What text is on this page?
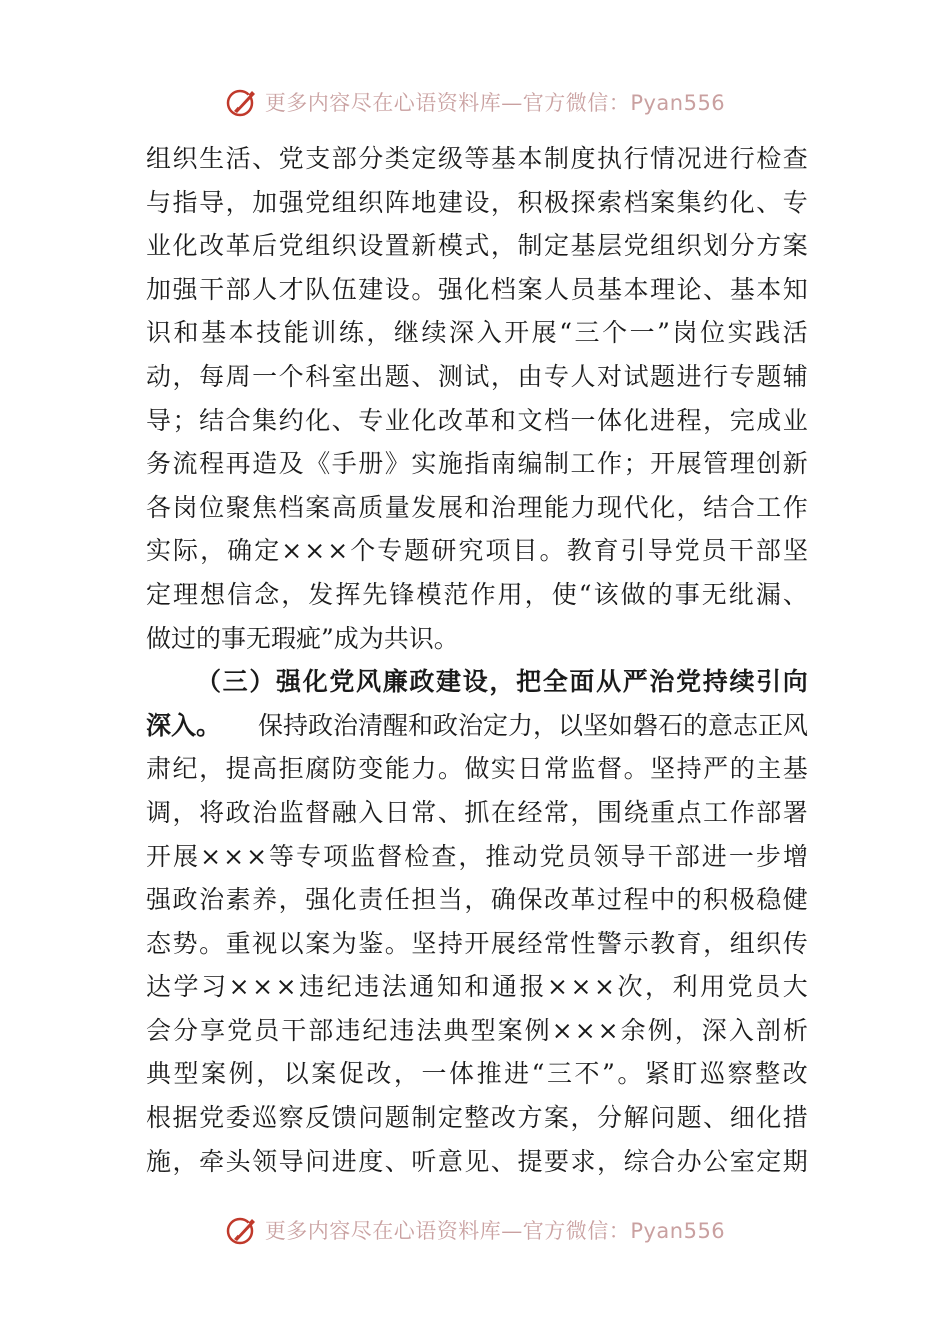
更多内容尽在心语资料库—官方微信：Pyan556
组 织 生 活 、 党 支 部 分 类 定 级 等 基 本 制 度 执 行 情 况 进 行 检 查
与 指 导 ， 加 强 党 组 织 阵 地 建 设 ， 积 极 探 索 档 案 集 约 化 、 专
业 化 改 革 后 党 组 织 设 置 新 模 式 ， 制 定 基 层 党 组 织 划 分 方 案
加 强 干 部 人 才 队 伍 建 设 。 强 化 档 案 人 员 基 本 理 论 、 基 本 知
识 和 基 本 技 能 训 练 ， 继 续 深 入 开 展 “ 三 个 一 ” 岗 位 实 践 活
动 ， 每 周 一 个 科 室 出 题 、 测 试 ， 由 专 人 对 试 题 进 行 专 题 辅
导 ； 结 合 集 约 化 、 专 业 化 改 革 和 文 档 一 体 化 进 程 ， 完 成 业
务 流 程 再 造 及 《 手 册 》 实 施 指 南 编 制 工 作 ； 开 展 管 理 创 新
各 岗 位 聚 焦 档 案 高 质 量 发 展 和 治 理 能 力 现 代 化 ， 结 合 工 作
实 际 ， 确 定 × × × 个 专 题 研 究 项 目 。 教 育 引 导 党 员 干 部 坚
定 理 想 信 念 ， 发 挥 先 锋 模 范 作 用 ， 使 “ 该 做 的 事 无 纰 漏 、
做过的事无瑕疵”成为共识。
（ 三 ） 强 化 党 风 廉 政 建 设 ， 把 全 面 从 严 治 党 持 续 引 向
深入。 保持政治清醒和政治定力，以坚如磐石的意志正风
肃 纪 ， 提 高 拒 腐 防 变 能 力 。 做 实 日 常 监 督 。 坚 持 严 的 主 基
调 ， 将 政 治 监 督 融 入 日 常 、 抓 在 经 常 ， 围 绕 重 点 工 作 部 署
开 展 × × × 等 专 项 监 督 检 查 ， 推 动 党 员 领 导 干 部 进 一 步 增
强 政 治 素 养 ， 强 化 责 任 担 当 ， 确 保 改 革 过 程 中 的 积 极 稳 健
态 势 。 重 视 以 案 为 鉴 。 坚 持 开 展 经 常 性 警 示 教 育 ， 组 织 传
达 学 习 × × × 违 纪 违 法 通 知 和 通 报 × × × 次 ， 利 用 党 员 大
会 分 享 党 员 干 部 违 纪 违 法 典 型 案 例 × × × 余 例 ， 深 入 剖 析
典 型 案 例 ， 以 案 促 改 ， 一 体 推 进 “ 三 不 ” 。 紧 盯 巡 察 整 改
根 据 党 委 巡 察 反 馈 问 题 制 定 整 改 方 案 ， 分 解 问 题 、 细 化 措
施 ， 牵 头 领 导 问 进 度 、 听 意 见 、 提 要 求 ， 综 合 办 公 室 定 期
更多内容尽在心语资料库—官方微信：Pyan556
